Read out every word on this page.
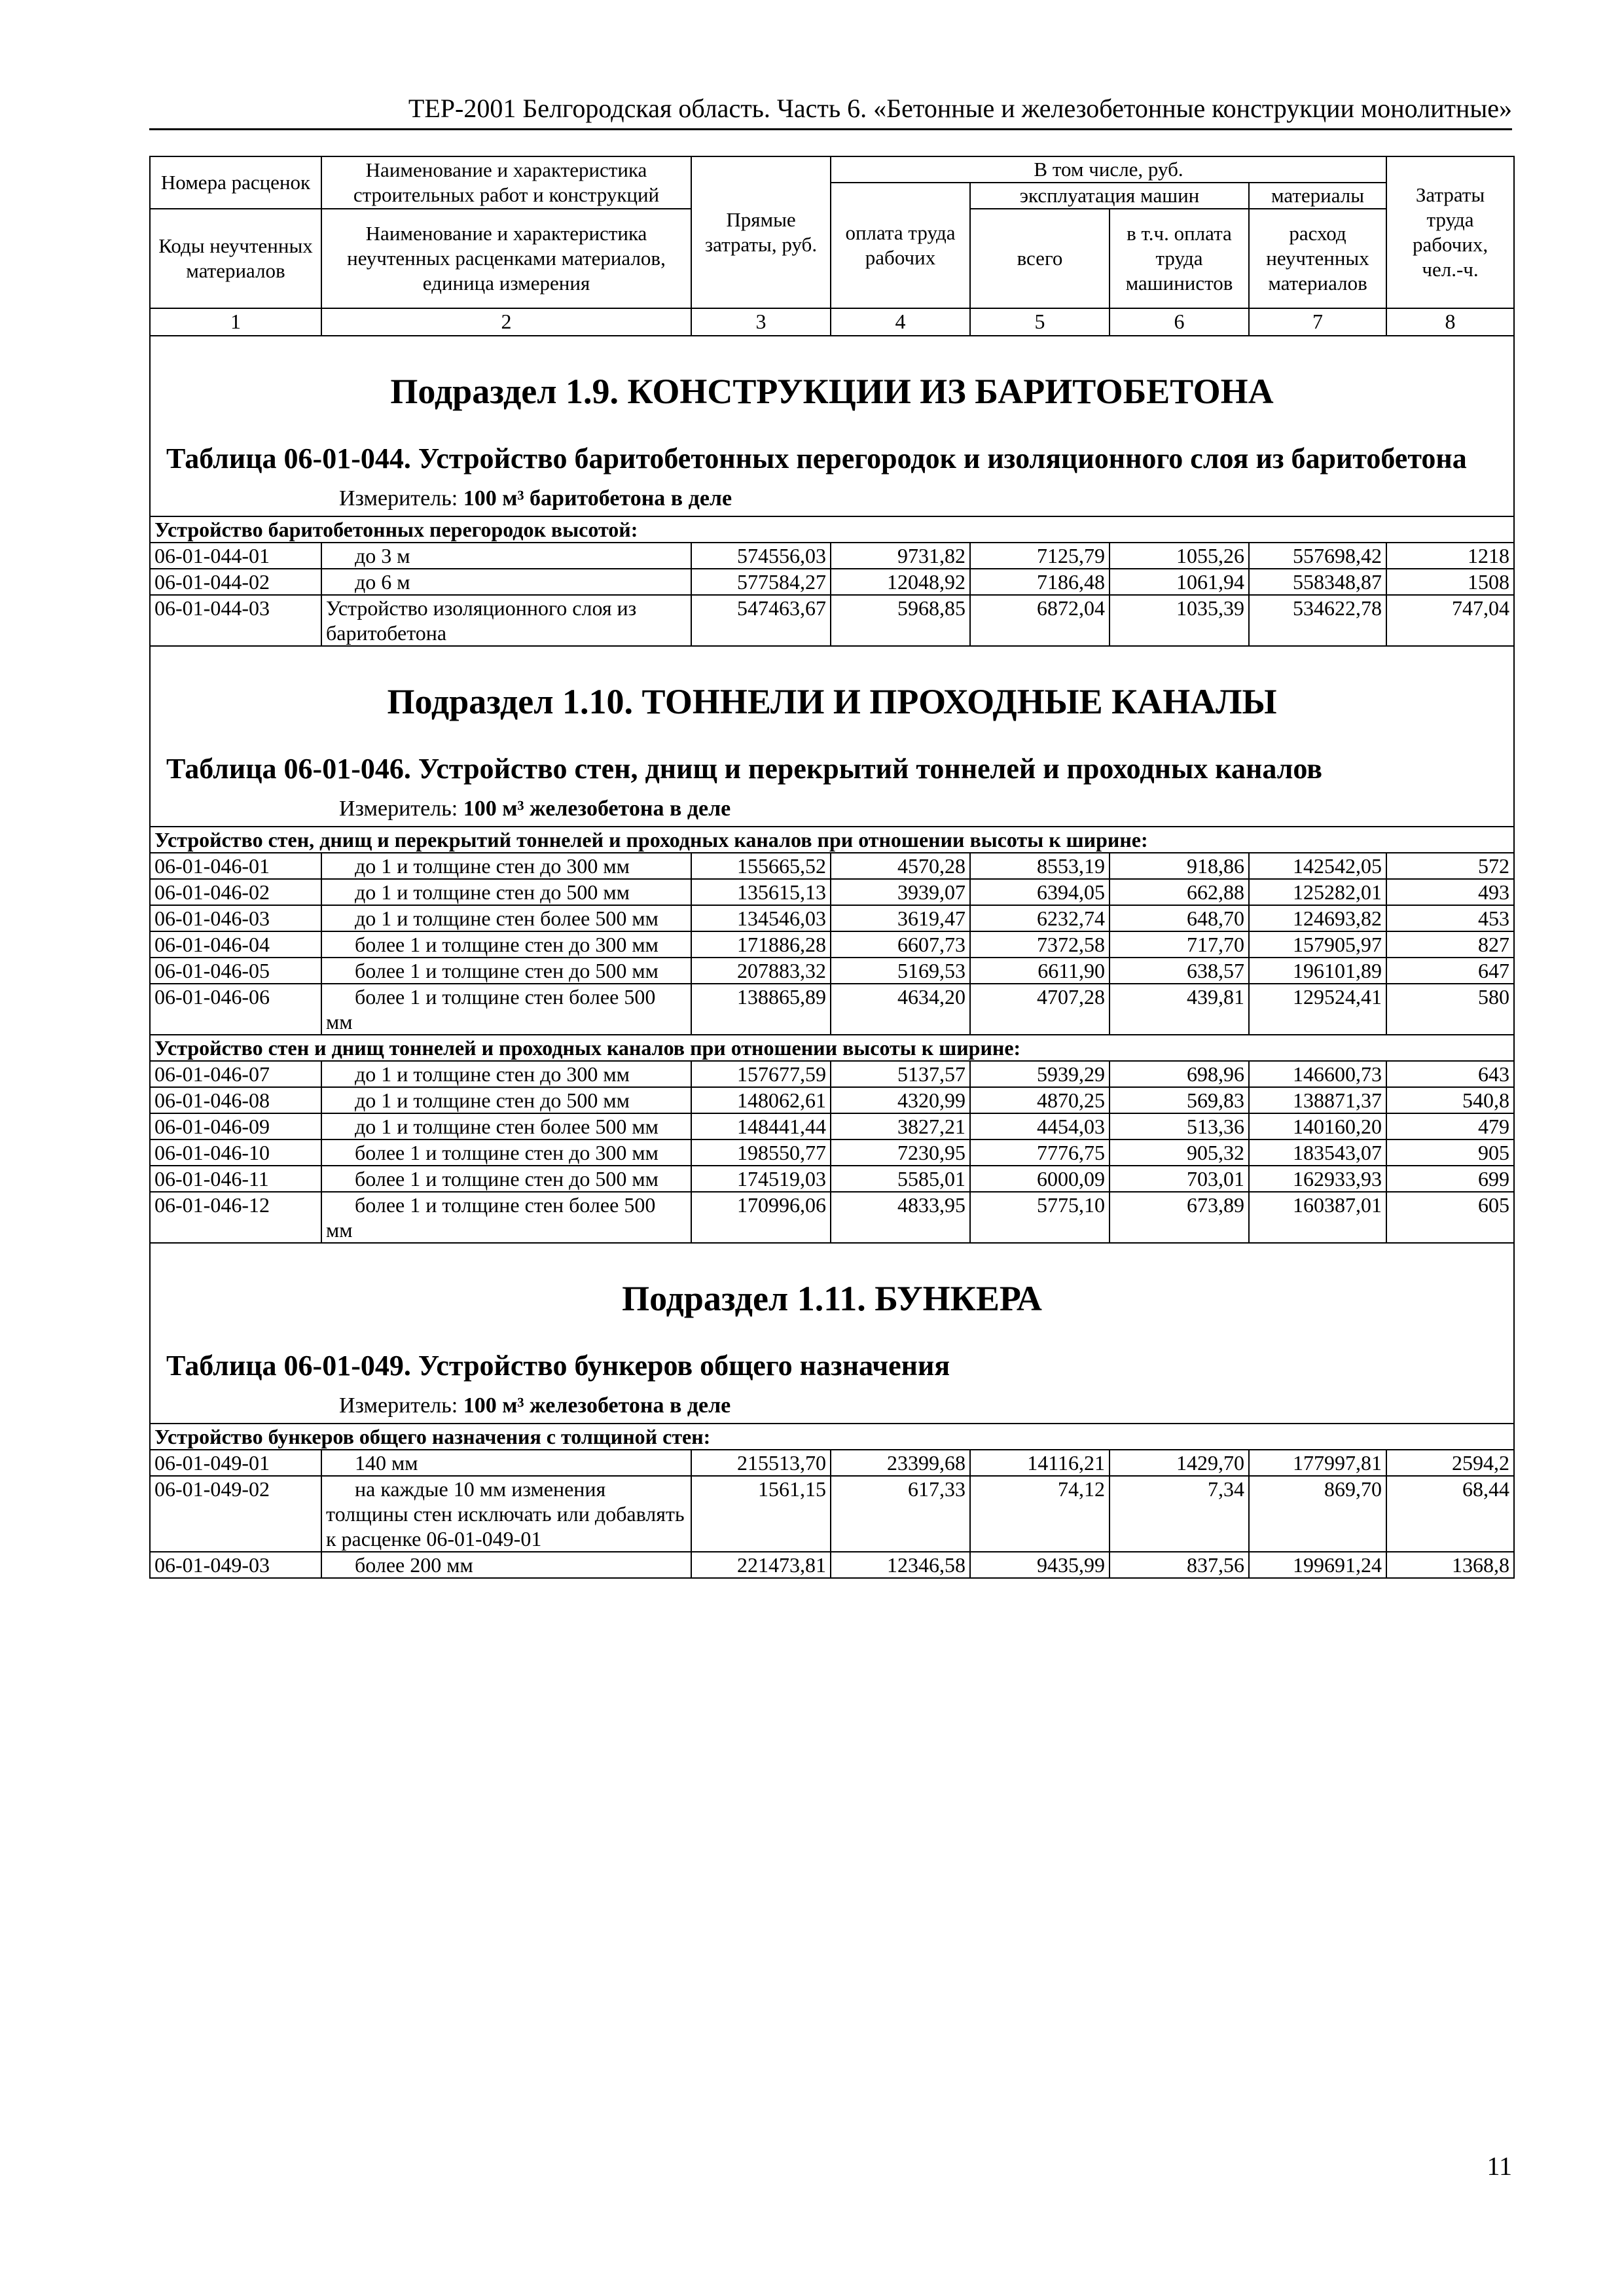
ТЕР-2001 Белгородская область. Часть 6. «Бетонные и железобетонные конструкции монолитные»
Номера расценок	Наименование и характеристика строительных работ и конструкций	Прямые затраты, руб.	В том числе, руб.				Затраты труда рабочих, чел.-ч.
			оплата труда рабочих	эксплуатация машин		материалы	
Коды неучтенных материалов	Наименование и характеристика неучтенных расценками материалов, единица измерения			всего	в т.ч. оплата труда машинистов	расход неучтенных материалов	
1	2	3	4	5	6	7	8

Подраздел 1.9. КОНСТРУКЦИИ ИЗ БАРИТОБЕТОНА
Таблица 06-01-044.
Устройство баритобетонных перегородок и изоляционного слоя из баритобетона
Измеритель: 100 м³ баритобетона в деле							

Устройство баритобетонных перегородок высотой:							
06-01-044-01	до 3 м	574556,03	9731,82	7125,79	1055,26	557698,42	1218
06-01-044-02	до 6 м	577584,27	12048,92	7186,48	1061,94	558348,87	1508
06-01-044-03	Устройство изоляционного слоя из баритобетона	547463,67	5968,85	6872,04	1035,39	534622,78	747,04

Подраздел 1.10. ТОННЕЛИ И ПРОХОДНЫЕ КАНАЛЫ
Таблица 06-01-046.
Устройство стен, днищ и перекрытий тоннелей и проходных каналов
Измеритель: 100 м³ железобетона в деле							

Устройство стен, днищ и перекрытий тоннелей и проходных каналов при отношении высоты к ширине:							
06-01-046-01	до 1 и толщине стен до 300 мм	155665,52	4570,28	8553,19	918,86	142542,05	572
06-01-046-02	до 1 и толщине стен до 500 мм	135615,13	3939,07	6394,05	662,88	125282,01	493
06-01-046-03	до 1 и толщине стен более 500 мм	134546,03	3619,47	6232,74	648,70	124693,82	453
06-01-046-04	более 1 и толщине стен до 300 мм	171886,28	6607,73	7372,58	717,70	157905,97	827
06-01-046-05	более 1 и толщине стен до 500 мм	207883,32	5169,53	6611,90	638,57	196101,89	647
06-01-046-06	более 1 и толщине стен более 500 мм	138865,89	4634,20	4707,28	439,81	129524,41	580
Устройство стен и днищ тоннелей и проходных каналов при отношении высоты к ширине:							
06-01-046-07	до 1 и толщине стен до 300 мм	157677,59	5137,57	5939,29	698,96	146600,73	643
06-01-046-08	до 1 и толщине стен до 500 мм	148062,61	4320,99	4870,25	569,83	138871,37	540,8
06-01-046-09	до 1 и толщине стен более 500 мм	148441,44	3827,21	4454,03	513,36	140160,20	479
06-01-046-10	более 1 и толщине стен до 300 мм	198550,77	7230,95	7776,75	905,32	183543,07	905
06-01-046-11	более 1 и толщине стен до 500 мм	174519,03	5585,01	6000,09	703,01	162933,93	699
06-01-046-12	более 1 и толщине стен более 500 мм	170996,06	4833,95	5775,10	673,89	160387,01	605

Подраздел 1.11. БУНКЕРА
Таблица 06-01-049.
Устройство бункеров общего назначения
Измеритель: 100 м³ железобетона в деле							

Устройство бункеров общего назначения с толщиной стен:							
06-01-049-01	140 мм	215513,70	23399,68	14116,21	1429,70	177997,81	2594,2
06-01-049-02	на каждые 10 мм изменения толщины стен исключать или добавлять к расценке 06-01-049-01	1561,15	617,33	74,12	7,34	869,70	68,44
06-01-049-03	более 200 мм	221473,81	12346,58	9435,99	837,56	199691,24	1368,8
11
